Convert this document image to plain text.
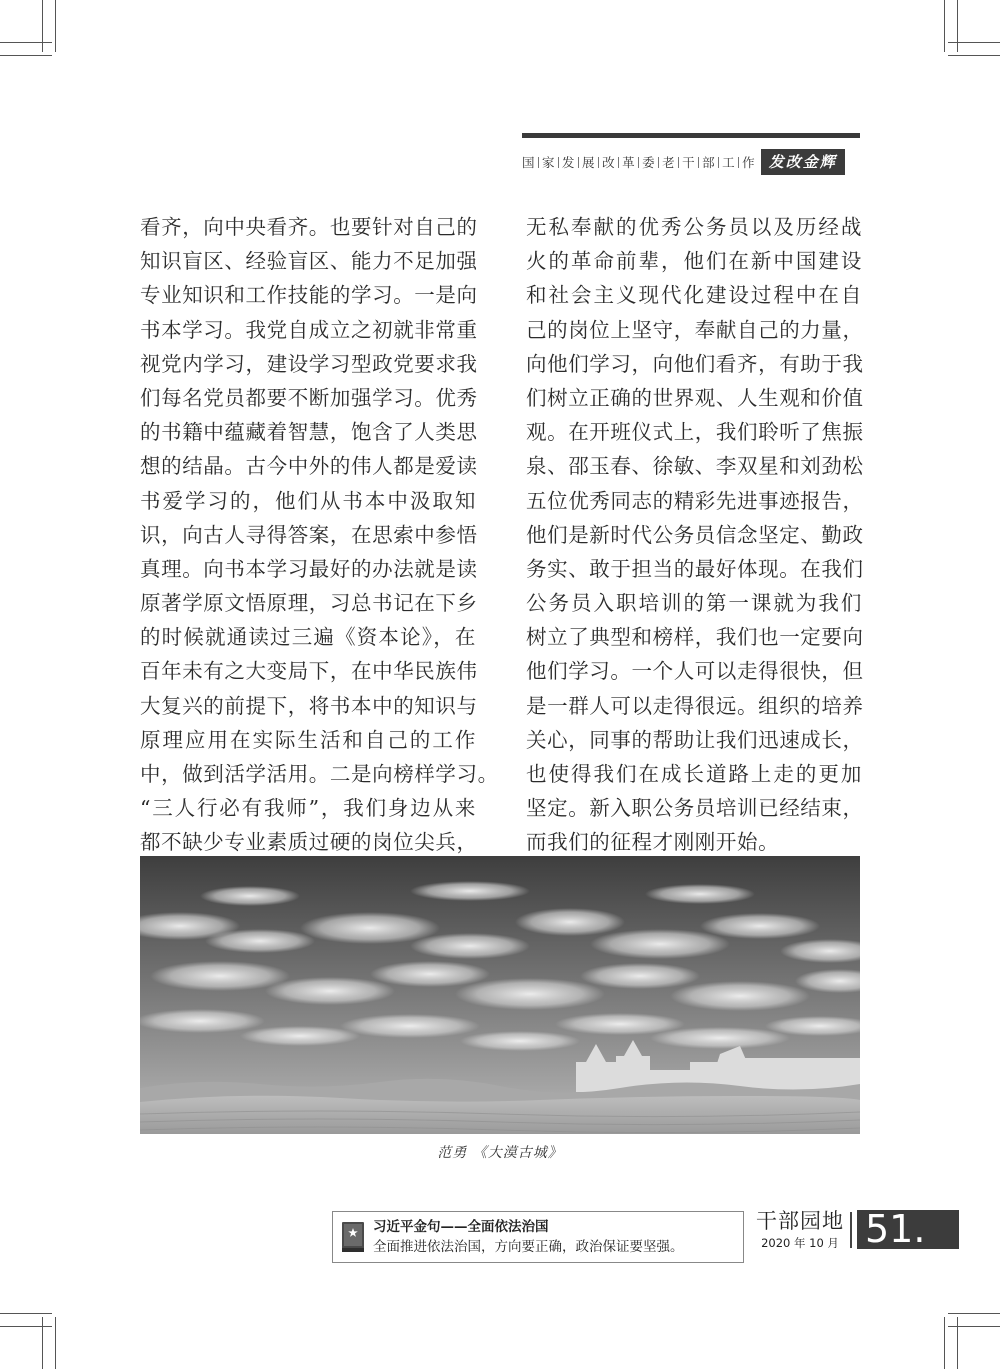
国 家 发 展 改 革 委 老 干 部 工 作 发改金辉
看齐，向中央看齐。也要针对自己的
知识盲区、经验盲区、能力不足加强
专业知识和工作技能的学习。一是向
书本学习。我党自成立之初就非常重
视党内学习，建设学习型政党要求我
们每名党员都要不断加强学习。优秀
的书籍中蕴藏着智慧，饱含了人类思
想的结晶。古今中外的伟人都是爱读
书爱学习的，他们从书本中汲取知
识，向古人寻得答案，在思索中参悟
真理。向书本学习最好的办法就是读
原著学原文悟原理，习总书记在下乡
的时候就通读过三遍《资本论》，在
百年未有之大变局下，在中华民族伟
大复兴的前提下，将书本中的知识与
原理应用在实际生活和自己的工作
中，做到活学活用。二是向榜样学习。
“三人行必有我师”，我们身边从来
都不缺少专业素质过硬的岗位尖兵，
无私奉献的优秀公务员以及历经战
火的革命前辈，他们在新中国建设
和社会主义现代化建设过程中在自
己的岗位上坚守，奉献自己的力量，
向他们学习，向他们看齐，有助于我
们树立正确的世界观、人生观和价值
观。在开班仪式上，我们聆听了焦振
泉、邵玉春、徐敏、李双星和刘劲松
五位优秀同志的精彩先进事迹报告，
他们是新时代公务员信念坚定、勤政
务实、敢于担当的最好体现。在我们
公务员入职培训的第一课就为我们
树立了典型和榜样，我们也一定要向
他们学习。一个人可以走得很快，但
是一群人可以走得很远。组织的培养
关心，同事的帮助让我们迅速成长，
也使得我们在成长道路上走的更加
坚定。新入职公务员培训已经结束，
而我们的征程才刚刚开始。
范勇 《大漠古城》
习近平金句——全面依法治国
全面推进依法治国，方向要正确，政治保证要坚强。
干部园地
2020 年 10 月 51.
